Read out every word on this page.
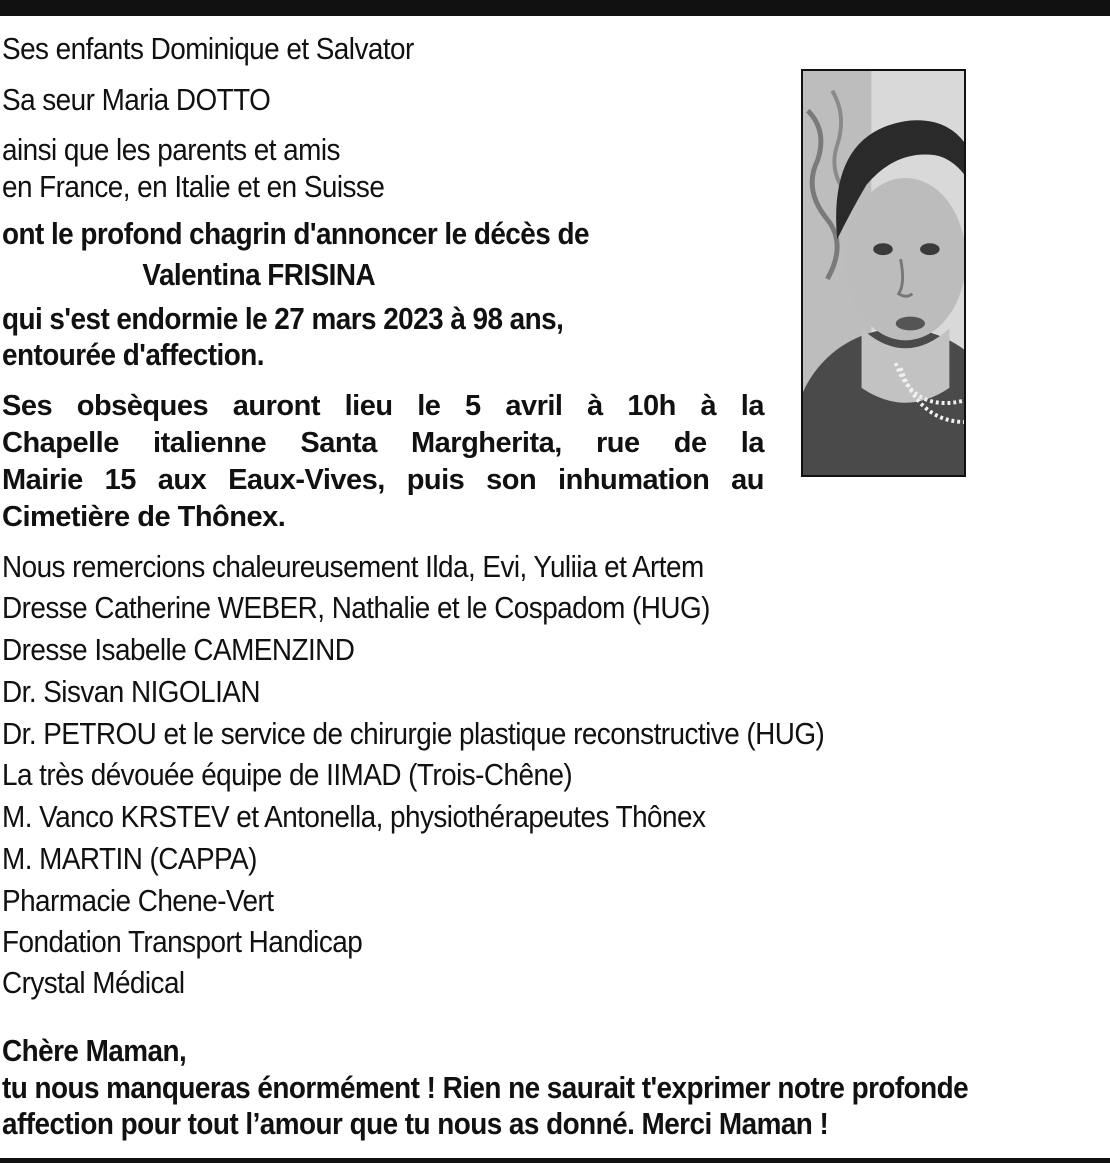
Ses enfants Dominique et Salvator

Sa seur Maria DOTTO

ainsi que les parents et amis

en France, en Italie et en Suisse

ont le profond chagrin d'annoncer le décès de

Valentina FRISINA

qui s'est endormie le 27 mars 2023 à 98 ans,

entourée d'affection.

Ses obsèques auront lieu le 5 avril à 10h à la
Chapelle italienne Santa Margherita, rue de la
Mairie 15 aux Eaux-Vives, puis son inhumation au
Cimetière de Thônex.

Nous remercions chaleureusement Ilda, Evi, Yuliia et Artem

Dresse Catherine WEBER, Nathalie et le Cospadom (HUG)

Dresse Isabelle CAMENZIND

Dr. Sisvan NIGOLIAN

Dr. PETROU et le service de chirurgie plastique reconstructive (HUG)

La très dévouée équipe de IIMAD (Trois-Chêne)

M. Vanco KRSTEV et Antonella, physiothérapeutes Thônex

M. MARTIN (CAPPA)

Pharmacie Chene-Vert

Fondation Transport Handicap

Crystal Médical

Chère Maman,

tu nous manqueras énormément ! Rien ne saurait t'exprimer notre profonde

affection pour tout l’amour que tu nous as donné. Merci Maman !
